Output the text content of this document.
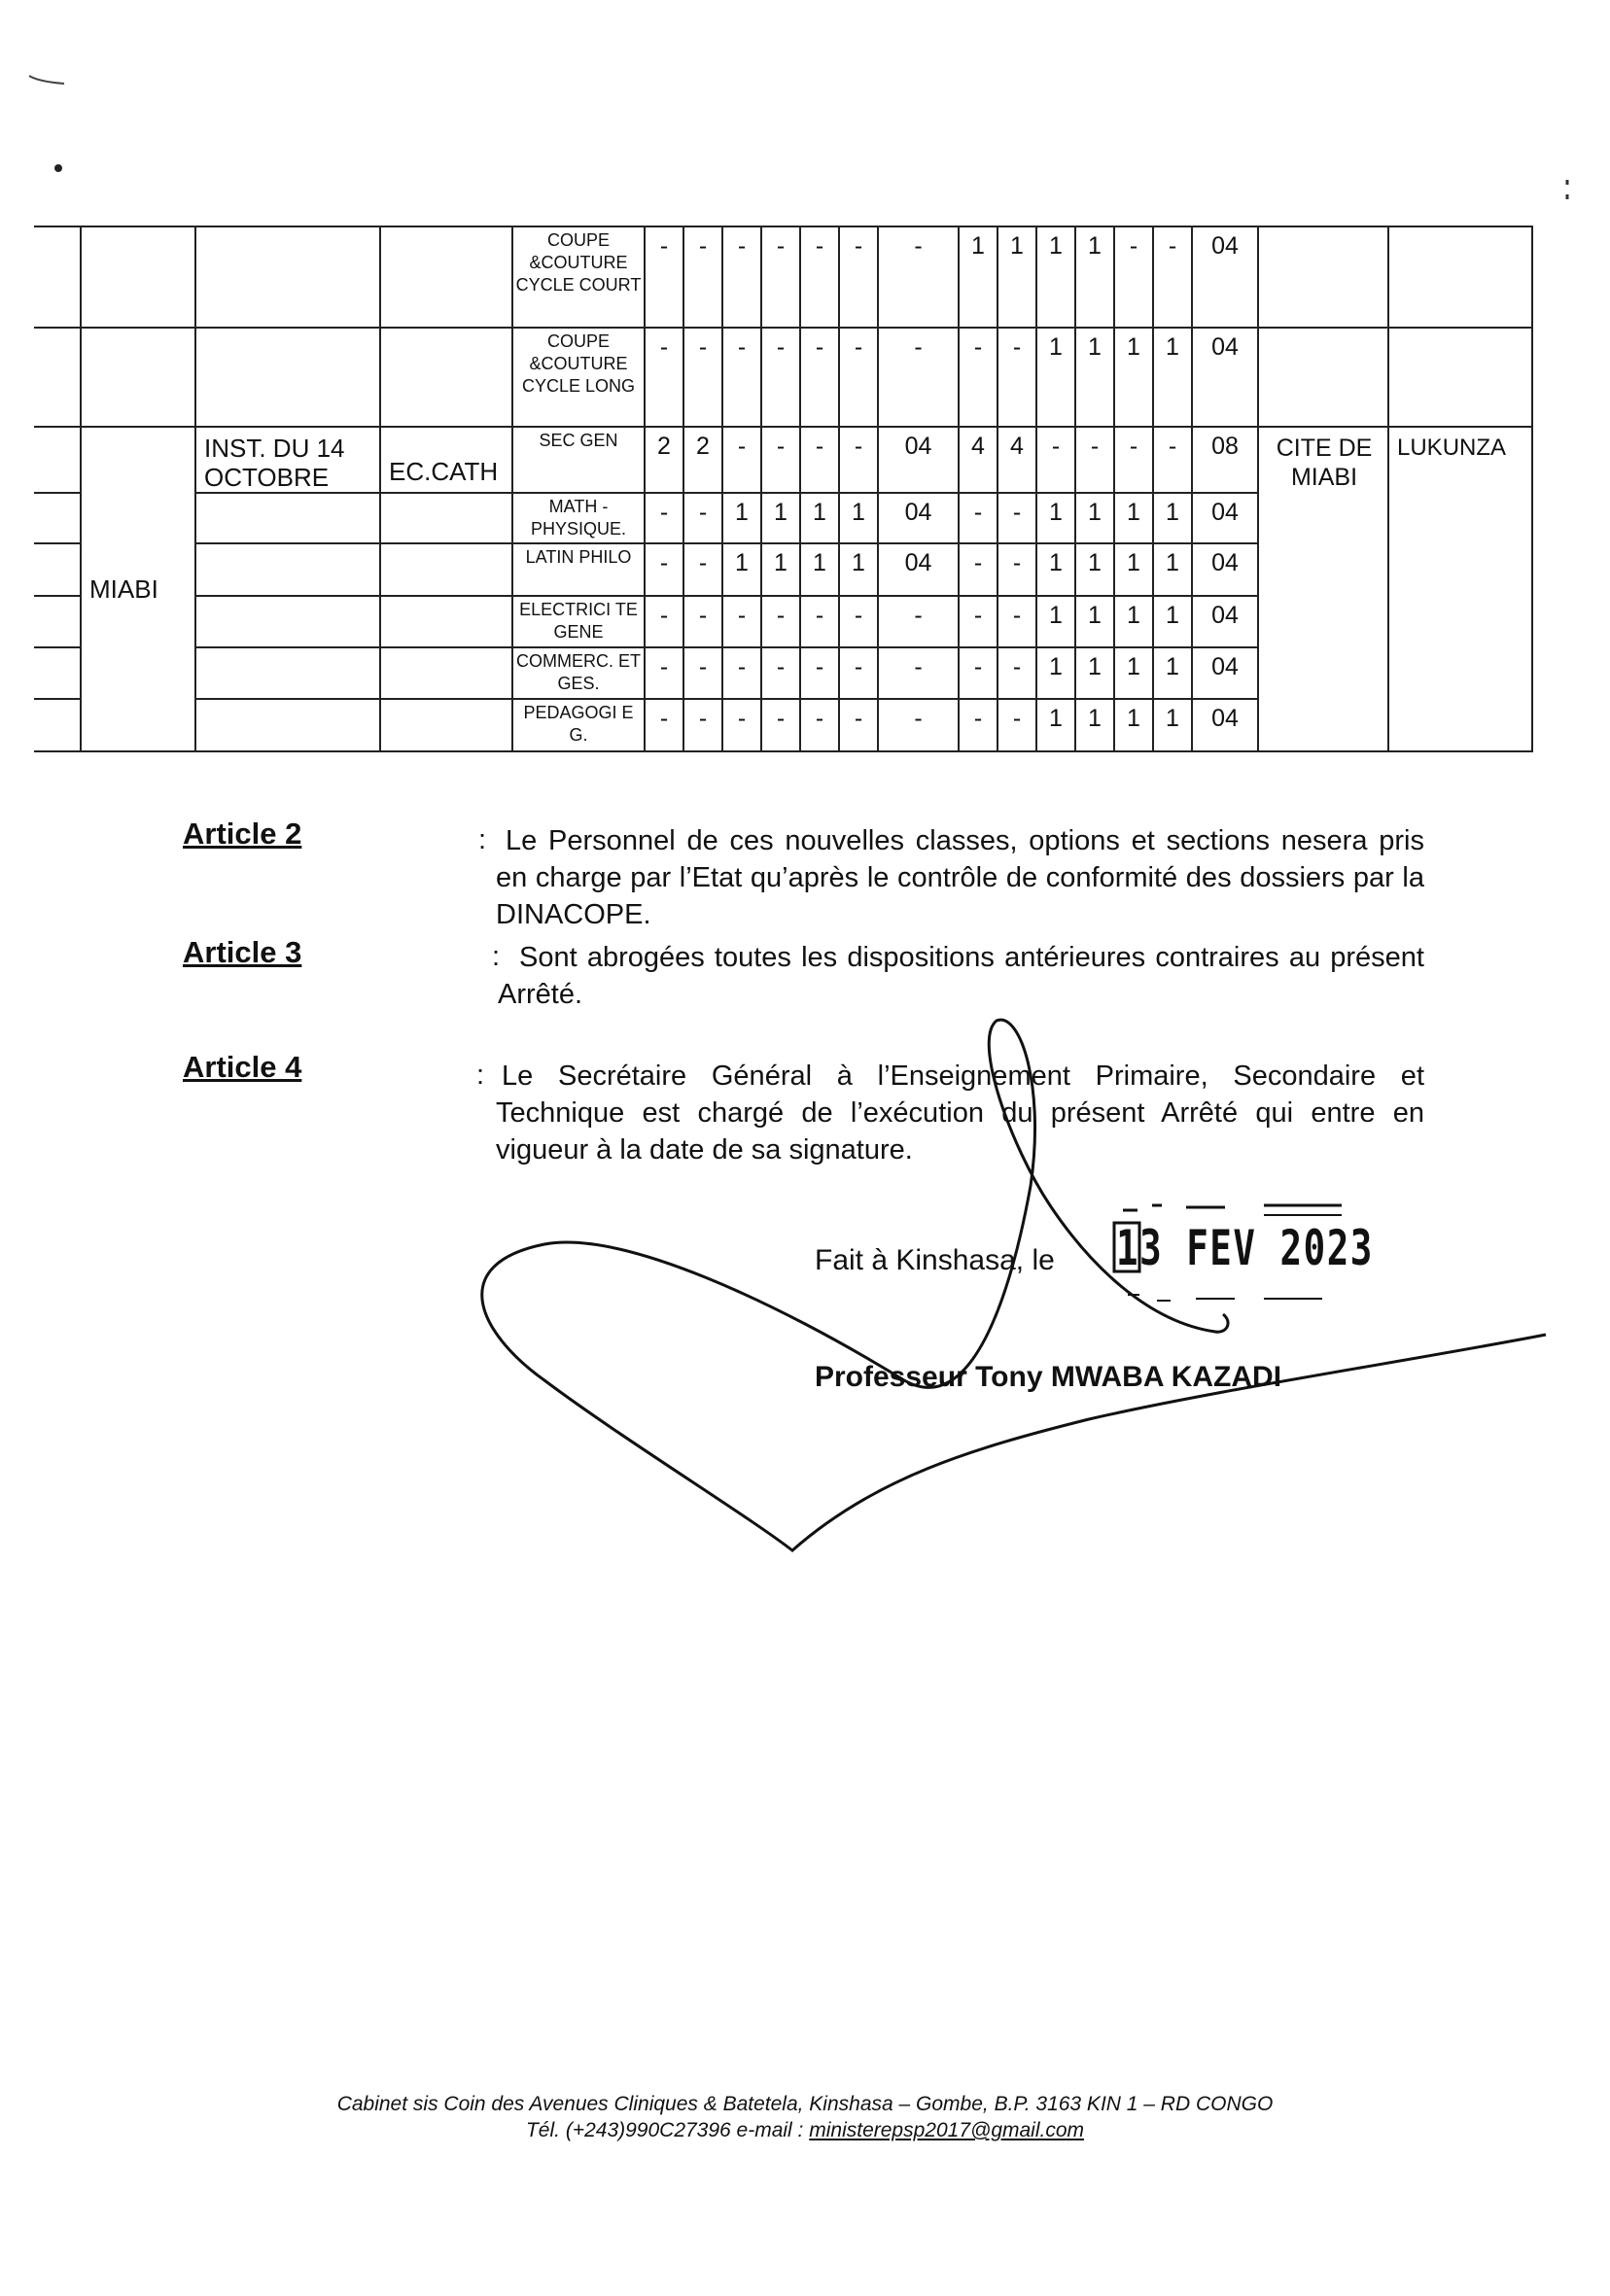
				COUPE &COUTURE CYCLE COURT	-	-	-	-	-	-	-	1	1	1	1	-	-	04		
				COUPE &COUTURE CYCLE LONG	-	-	-	-	-	-	-	-	-	1	1	1	1	04		
	MIABI	INST. DU 14 OCTOBRE	EC.CATH	SEC GEN	2	2	-	-	-	-	04	4	4	-	-	-	-	08	CITE DE MIABI	LUKUNZA
				MATH - PHYSIQUE.	-	-	1	1	1	1	04	-	-	1	1	1	1	04		
				LATIN PHILO	-	-	1	1	1	1	04	-	-	1	1	1	1	04		
				ELECTRICI TE GENE	-	-	-	-	-	-	-	-	-	1	1	1	1	04		
				COMMERC. ET GES.	-	-	-	-	-	-	-	-	-	1	1	1	1	04		
				PEDAGOGI E G.	-	-	-	-	-	-	-	-	-	1	1	1	1	04		
Article 2	: Le Personnel de ces nouvelles classes, options et sections nesera pris en charge par l’Etat qu’après le contrôle de conformité des dossiers par la DINACOPE.
Article 3	: Sont abrogées toutes les dispositions antérieures contraires au présent Arrêté.
Article 4	: Le Secrétaire Général à l’Enseignement Primaire, Secondaire et Technique est chargé de l’exécution du présent Arrêté qui entre en vigueur à la date de sa signature.
Fait à Kinshasa, le 13 FEV 2023
Professeur Tony MWABA KAZADI
Cabinet sis Coin des Avenues Cliniques & Batetela, Kinshasa – Gombe, B.P. 3163 KIN 1 – RD CONGO
Tél. (+243)990C27396 e-mail : ministerepsp2017@gmail.com
